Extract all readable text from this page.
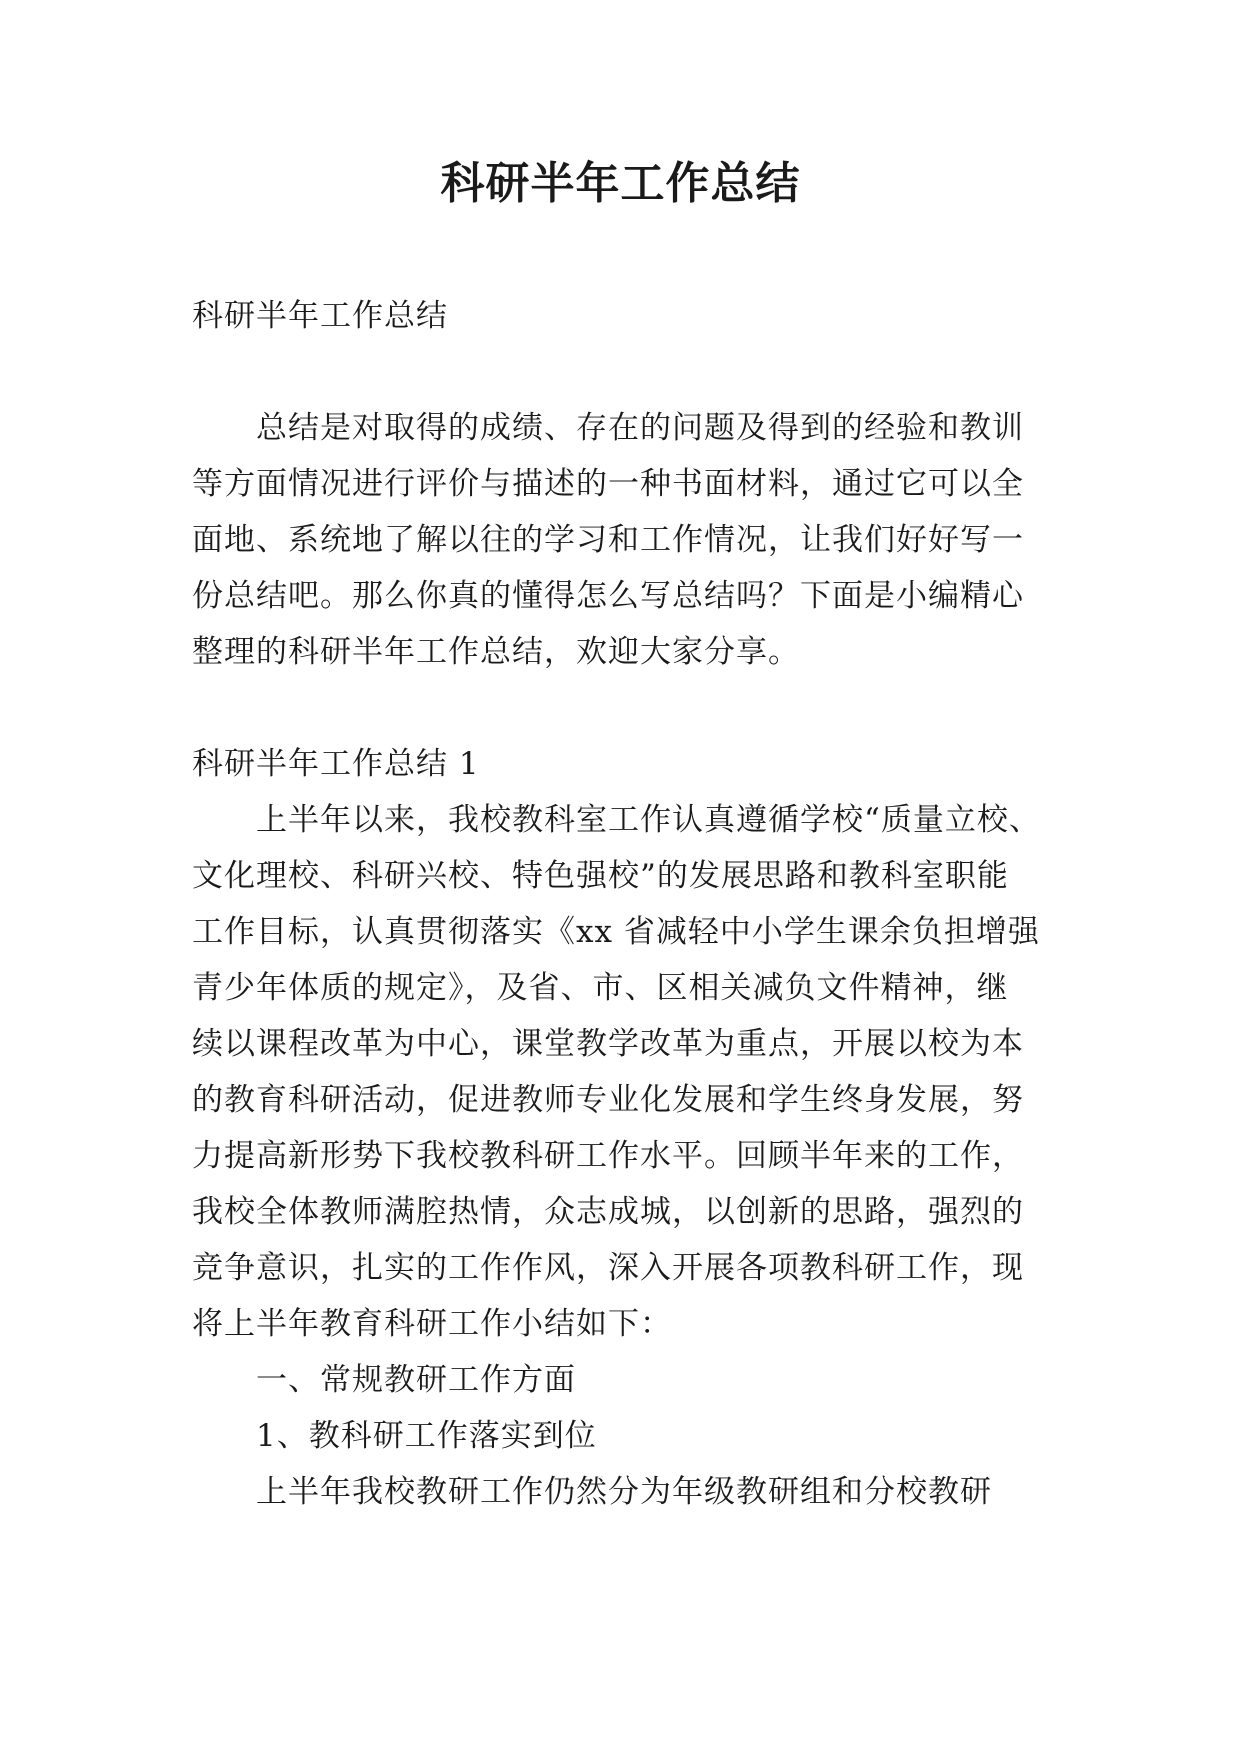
科研半年工作总结

科研半年工作总结

总结是对取得的成绩、存在的问题及得到的经验和教训

等方面情况进行评价与描述的一种书面材料，通过它可以全

面地、系统地了解以往的学习和工作情况，让我们好好写一

份总结吧。那么你真的懂得怎么写总结吗？下面是小编精心

整理的科研半年工作总结，欢迎大家分享。

科研半年工作总结 1

上半年以来，我校教科室工作认真遵循学校“质量立校、

文化理校、科研兴校、特色强校”的发展思路和教科室职能

工作目标，认真贯彻落实《xx 省减轻中小学生课余负担增强

青少年体质的规定》，及省、市、区相关减负文件精神，继

续以课程改革为中心，课堂教学改革为重点，开展以校为本

的教育科研活动，促进教师专业化发展和学生终身发展，努

力提高新形势下我校教科研工作水平。回顾半年来的工作，

我校全体教师满腔热情，众志成城，以创新的思路，强烈的

竞争意识，扎实的工作作风，深入开展各项教科研工作，现

将上半年教育科研工作小结如下：

一、常规教研工作方面

1、教科研工作落实到位

上半年我校教研工作仍然分为年级教研组和分校教研
